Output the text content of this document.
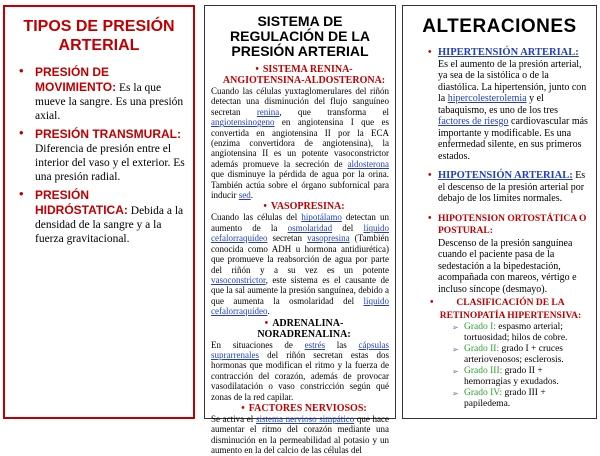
TIPOS DE PRESIÓN ARTERIAL
• PRESIÓN DE MOVIMIENTO: Es la que mueve la sangre. Es una presión axial.
• PRESIÓN TRANSMURAL: Diferencia de presión entre el interior del vaso y el exterior. Es una presión radial.
• PRESIÓN HIDRÓSTATICA: Debida a la densidad de la sangre y a la fuerza gravitacional.
SISTEMA DE REGULACIÓN DE LA PRESIÓN ARTERIAL
• SISTEMA RENINA-ANGIOTENSINA-ALDOSTERONA:

Cuando las células yuxtaglomerulares del riñón detectan una disminución del flujo sanguíneo secretan renina, que transforma el angiotensinogeno en angiotensina I que es convertida en angiotensina II por la ECA (enzima convertidora de angiotensina), la angiotensina II es un potente vasoconstrictor además promueve la secreción de aldosterona que disminuye la pérdida de agua por la orina. También actúa sobre el órgano subfornical para inducir sed.

• VASOPRESINA:

Cuando las células del hipotálamo detectan un aumento de la osmolaridad del líquido cefalorraquídeo secretan vasopresina (También conocida como ADH u hormona antidiurética) que promueve la reabsorción de agua por parte del riñón y a su vez es un potente vasoconstrictor, este sistema es el causante de que la sal aumente la presión sanguínea, debido a que aumenta la osmolaridad del líquido cefalorraquídeo.

• ADRENALINA-NORADRENALINA:

En situaciones de estrés las cápsulas suprarrenales del riñón secretan estas dos hormonas que modifican el ritmo y la fuerza de contracción del corazón, además de provocar vasodilatación o vaso constricción según qué zonas de la red capilar.

• FACTORES NERVIOSOS:

Se activa el sistema nervioso simpático que hace aumentar el ritmo del corazón mediante una disminución en la permeabilidad al potasio y un aumento en la del calcio de las células del

ALTERACIONES
• HIPERTENSIÓN ARTERIAL: Es el aumento de la presión arterial, ya sea de la sistólica o de la diastólica. La hipertensión, junto con la hipercolesterolemia y el tabaquismo, es uno de los tres factores de riesgo cardiovascular más importante y modificable. Es una enfermedad silente, en sus primeros estados.
• HIPOTENSIÓN ARTERIAL: Es el descenso de la presión arterial por debajo de los límites normales.
• HIPOTENSION ORTOSTÁTICA O POSTURAL:
Descenso de la presión sanguínea cuando el paciente pasa de la sedestación a la bipedestación, acompañada con mareos, vértigo e incluso síncope (desmayo).
• CLASIFICACIÓN DE LA RETINOPATÍA HIPERTENSIVA:
➢ Grado I: espasmo arterial; tortuosidad; hilos de cobre.
➢ Grado II: grado I + cruces arteriovenosos; esclerosis.
➢ Grado III: grado II + hemorragias y exudados.
➢ Grado IV: grado III + papiledema.
